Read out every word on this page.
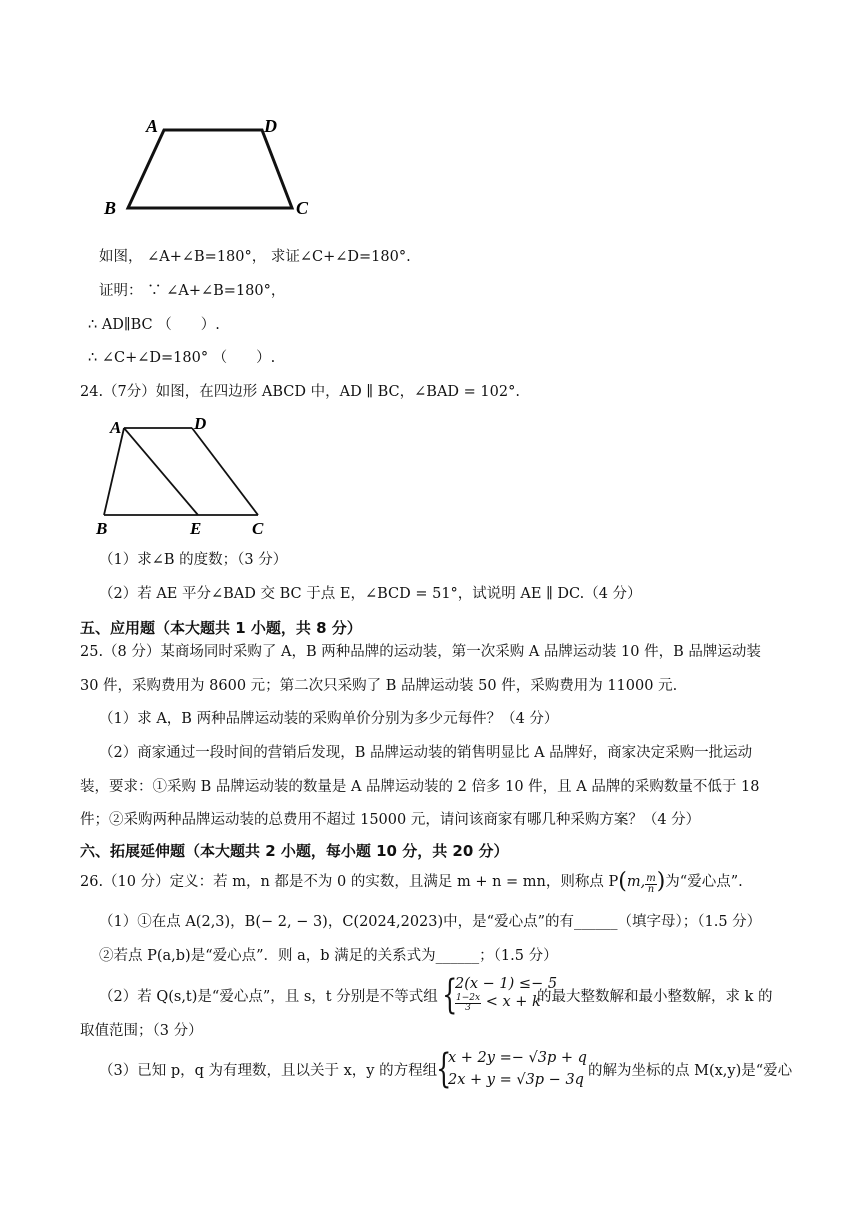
A	D
B	C
如图， ∠A+∠B=180°， 求证∠C+∠D=180°.
证明： ∵ ∠A+∠B=180°，
∴ AD∥BC （　　）.
∴ ∠C+∠D=180° （　　）.
24.（7分）如图，在四边形 ABCD 中，AD ∥ BC，∠BAD = 102°.
A	D
B	E	C
（1）求∠B 的度数；（3 分）
（2）若 AE 平分∠BAD 交 BC 于点 E，∠BCD = 51°，试说明 AE ∥ DC.（4 分）
五、应用题（本大题共 1 小题，共 8 分）
25.（8 分）某商场同时采购了 A，B 两种品牌的运动装，第一次采购 A 品牌运动装 10 件，B 品牌运动装
30 件，采购费用为 8600 元；第二次只采购了 B 品牌运动装 50 件，采购费用为 11000 元.
（1）求 A，B 两种品牌运动装的采购单价分别为多少元每件？（4 分）
（2）商家通过一段时间的营销后发现，B 品牌运动装的销售明显比 A 品牌好，商家决定采购一批运动
装，要求：①采购 B 品牌运动装的数量是 A 品牌运动装的 2 倍多 10 件，且 A 品牌的采购数量不低于 18
件；②采购两种品牌运动装的总费用不超过 15000 元，请问该商家有哪几种采购方案？（4 分）
六、拓展延伸题（本大题共 2 小题，每小题 10 分，共 20 分）
26.（10 分）定义：若 m，n 都是不为 0 的实数，且满足 m + n = mn，则称点 P(m, $\frac{m}{n}$ )为“爱心点”.
（1）①在点 A(2,3)，B(− 2, − 3)，C(2024,2023)中，是“爱心点”的有______（填字母）；（1.5 分）
②若点 P(a,b)是“爱心点”．则 a，b 满足的关系式为______；（1.5 分）
（2）若 Q(s,t)是“爱心点”，且 s，t 分别是不等式组 {
2(x − 1) ≤− 5
$\frac{1-2x}{3} < x + k$
的最大整数解和最小整数解，求 k 的
取值范围；（3 分）
（3）已知 p，q 为有理数，且以关于 x，y 的方程组
{
x + 2y =− √3p + q
2x + y = √3p − 3q
的解为坐标的点 M(x,y)是“爱心
